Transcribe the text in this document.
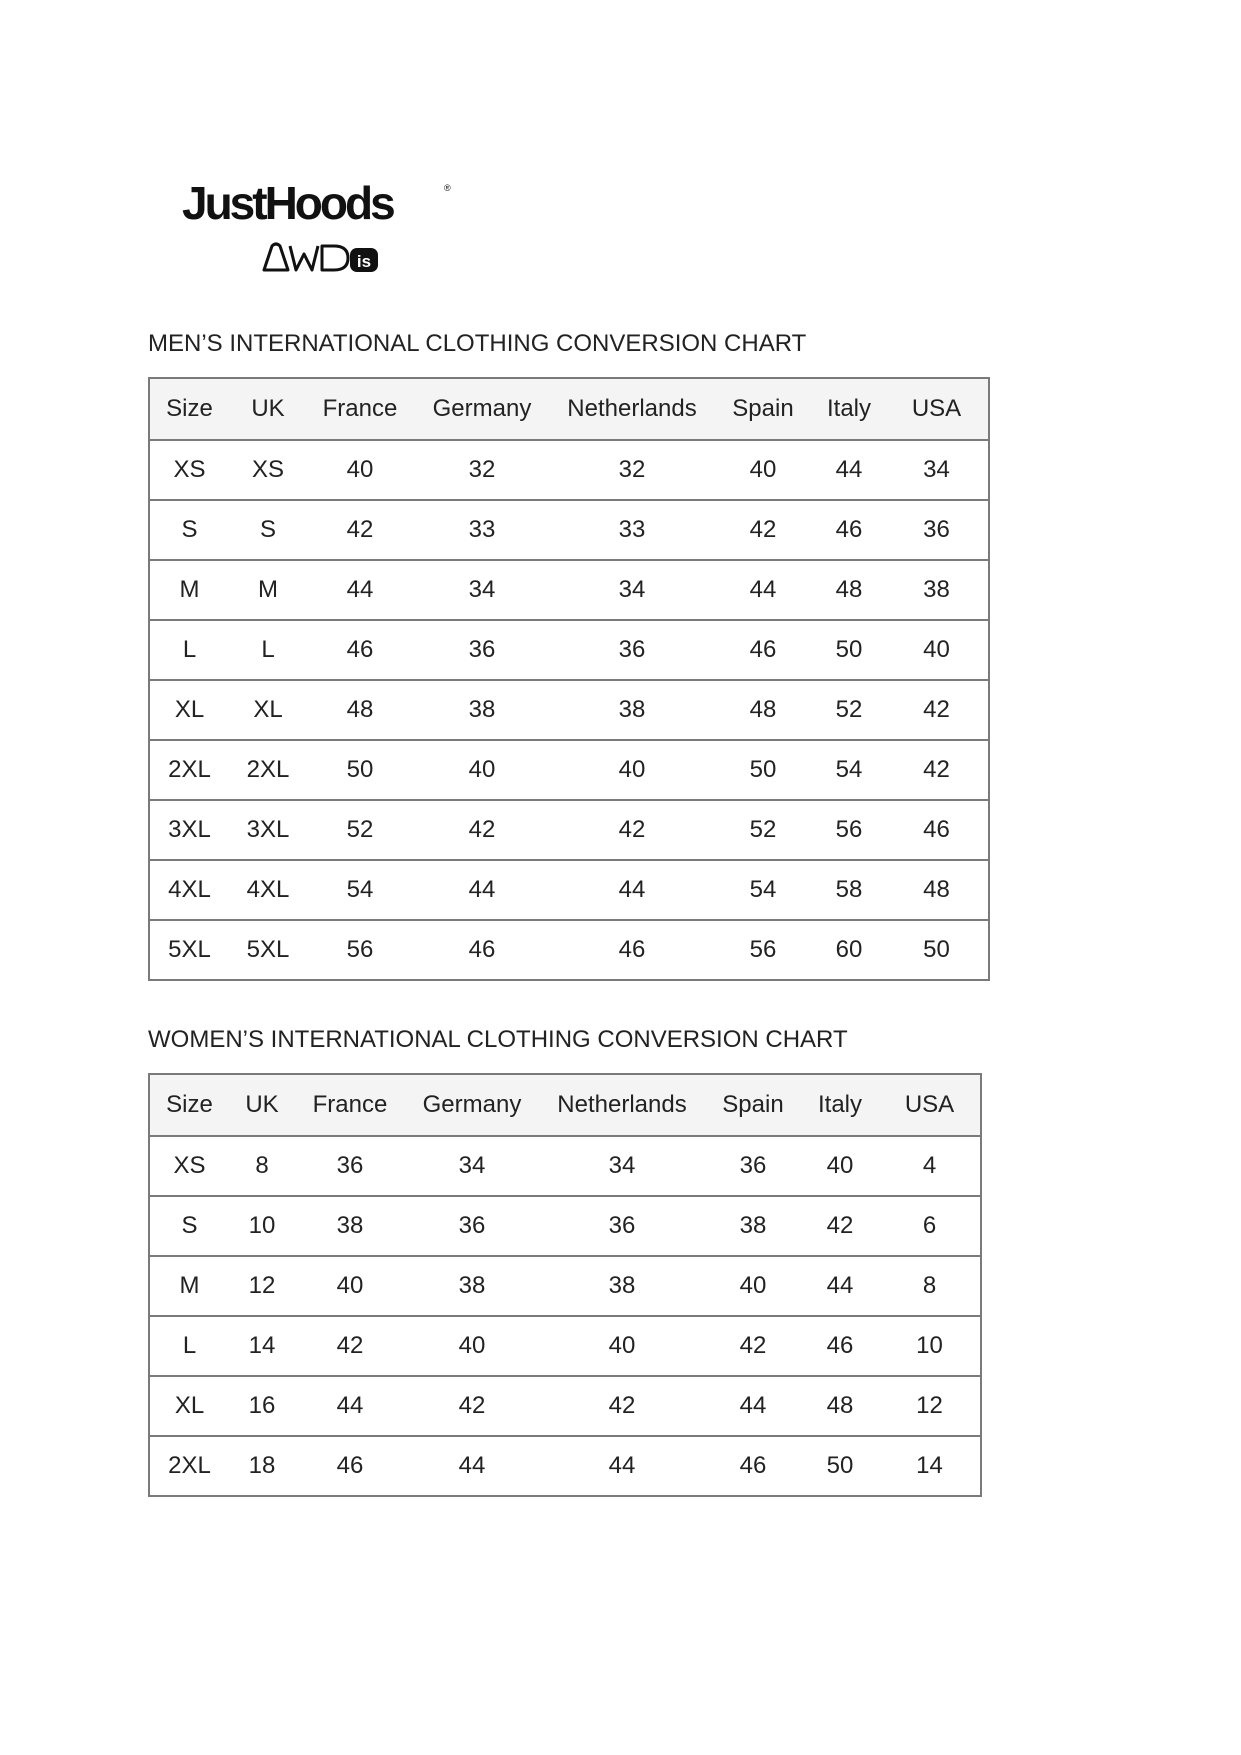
JustHoods	®
is
MEN’S INTERNATIONAL CLOTHING CONVERSION CHART
Size	UK	France	Germany	Netherlands	Spain	Italy	USA
XS	XS	40	32	32	40	44	34
S	S	42	33	33	42	46	36
M	M	44	34	34	44	48	38
L	L	46	36	36	46	50	40
XL	XL	48	38	38	48	52	42
2XL	2XL	50	40	40	50	54	42
3XL	3XL	52	42	42	52	56	46
4XL	4XL	54	44	44	54	58	48
5XL	5XL	56	46	46	56	60	50
WOMEN’S INTERNATIONAL CLOTHING CONVERSION CHART
Size	UK	France	Germany	Netherlands	Spain	Italy	USA
XS	8	36	34	34	36	40	4
S	10	38	36	36	38	42	6
M	12	40	38	38	40	44	8
L	14	42	40	40	42	46	10
XL	16	44	42	42	44	48	12
2XL	18	46	44	44	46	50	14
